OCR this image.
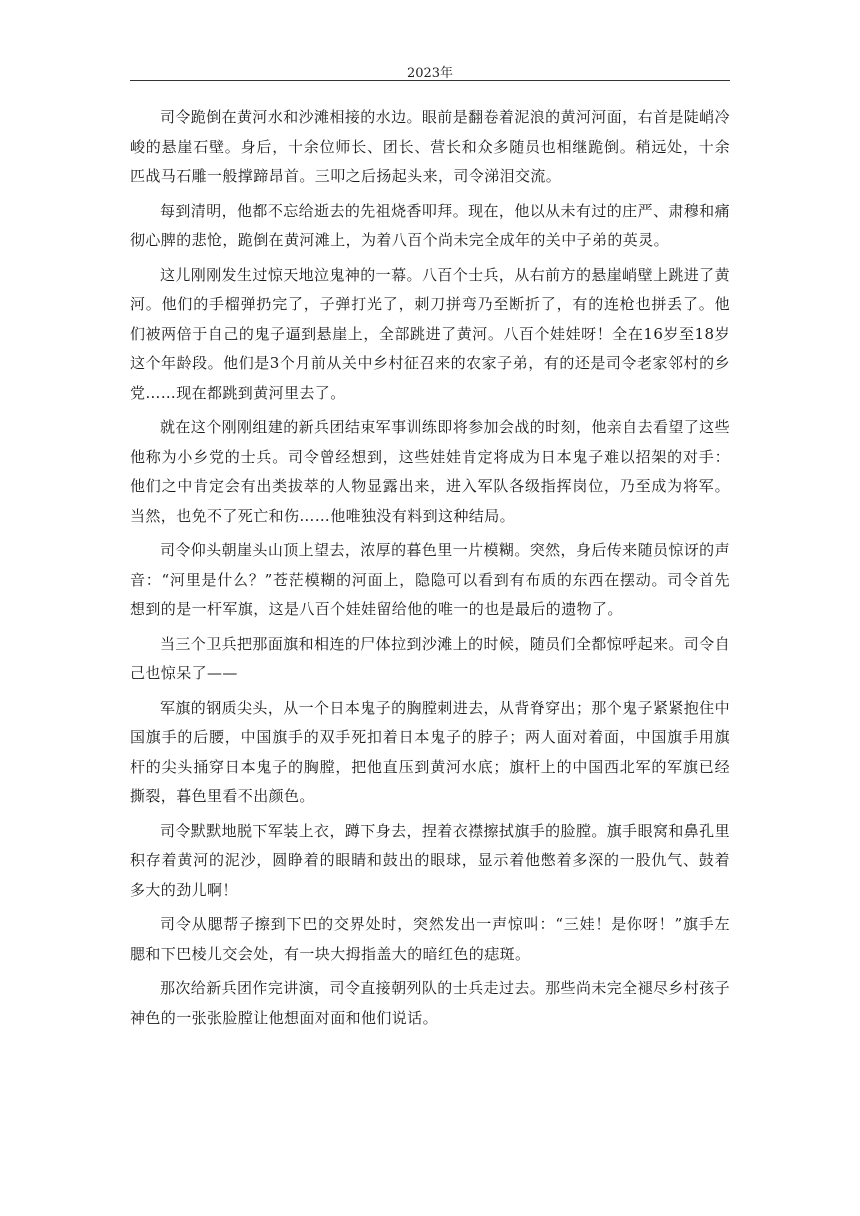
2023年

司令跪倒在黄河水和沙滩相接的水边。眼前是翻卷着泥浪的黄河河面，右首是陡峭冷峻的悬崖石壁。身后，十余位师长、团长、营长和众多随员也相继跪倒。稍远处，十余匹战马石雕一般撑蹄昂首。三叩之后扬起头来，司令涕泪交流。

每到清明，他都不忘给逝去的先祖烧香叩拜。现在，他以从未有过的庄严、肃穆和痛彻心脾的悲怆，跪倒在黄河滩上，为着八百个尚未完全成年的关中子弟的英灵。

这儿刚刚发生过惊天地泣鬼神的一幕。八百个士兵，从右前方的悬崖峭壁上跳进了黄河。他们的手榴弹扔完了，子弹打光了，刺刀拼弯乃至断折了，有的连枪也拼丢了。他们被两倍于自己的鬼子逼到悬崖上，全部跳进了黄河。八百个娃娃呀！全在16岁至18岁这个年龄段。他们是3个月前从关中乡村征召来的农家子弟，有的还是司令老家邻村的乡党……现在都跳到黄河里去了。

就在这个刚刚组建的新兵团结束军事训练即将参加会战的时刻，他亲自去看望了这些他称为小乡党的士兵。司令曾经想到，这些娃娃肯定将成为日本鬼子难以招架的对手：他们之中肯定会有出类拔萃的人物显露出来，进入军队各级指挥岗位，乃至成为将军。当然，也免不了死亡和伤……他唯独没有料到这种结局。

司令仰头朝崖头山顶上望去，浓厚的暮色里一片模糊。突然，身后传来随员惊讶的声音：“河里是什么？”苍茫模糊的河面上，隐隐可以看到有布质的东西在摆动。司令首先想到的是一杆军旗，这是八百个娃娃留给他的唯一的也是最后的遗物了。

当三个卫兵把那面旗和相连的尸体拉到沙滩上的时候，随员们全都惊呼起来。司令自己也惊呆了——

军旗的钢质尖头，从一个日本鬼子的胸膛刺进去，从背脊穿出；那个鬼子紧紧抱住中国旗手的后腰，中国旗手的双手死扣着日本鬼子的脖子；两人面对着面，中国旗手用旗杆的尖头捅穿日本鬼子的胸膛，把他直压到黄河水底；旗杆上的中国西北军的军旗已经撕裂，暮色里看不出颜色。

司令默默地脱下军装上衣，蹲下身去，捏着衣襟擦拭旗手的脸膛。旗手眼窝和鼻孔里积存着黄河的泥沙，圆睁着的眼睛和鼓出的眼球，显示着他憋着多深的一股仇气、鼓着多大的劲儿啊！

司令从腮帮子擦到下巴的交界处时，突然发出一声惊叫：“三娃！是你呀！”旗手左腮和下巴棱儿交会处，有一块大拇指盖大的暗红色的痣斑。

那次给新兵团作完讲演，司令直接朝列队的士兵走过去。那些尚未完全褪尽乡村孩子神色的一张张脸膛让他想面对面和他们说话。
